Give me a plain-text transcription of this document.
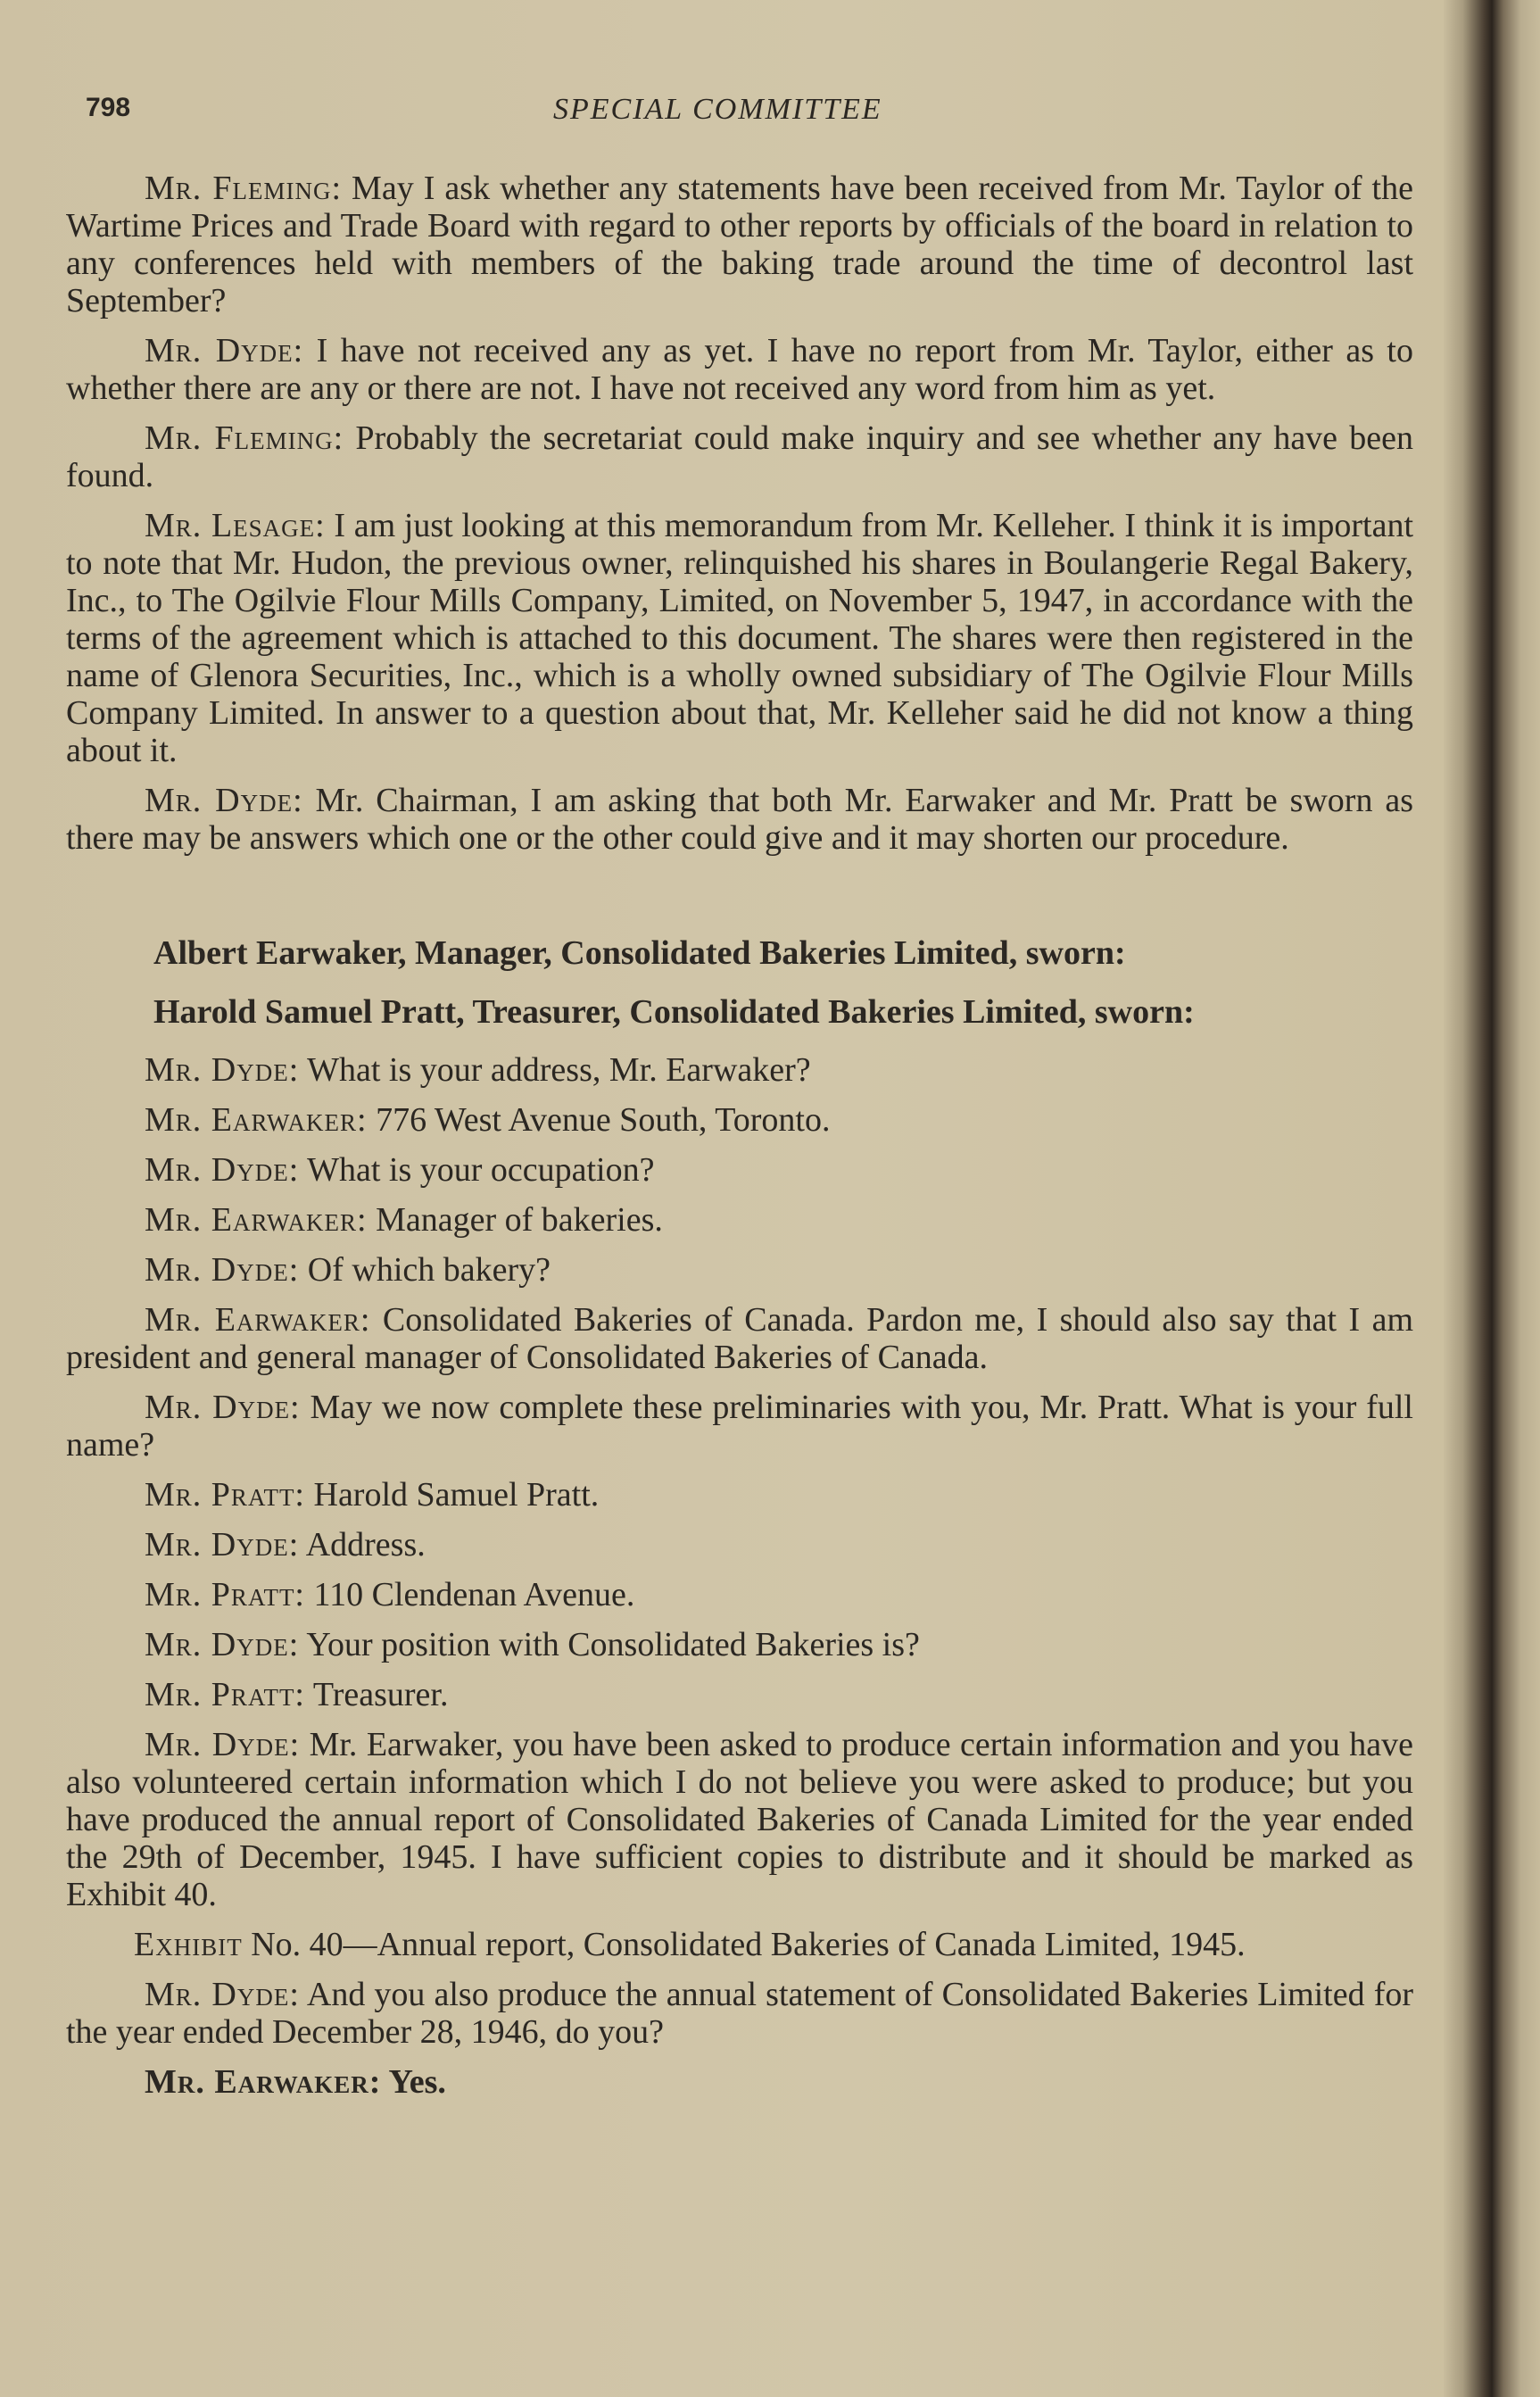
798	SPECIAL COMMITTEE

Mr. Fleming: May I ask whether any statements have been received from Mr. Taylor of the Wartime Prices and Trade Board with regard to other reports by officials of the board in relation to any conferences held with members of the baking trade around the time of decontrol last September?

Mr. Dyde: I have not received any as yet. I have no report from Mr. Taylor, either as to whether there are any or there are not. I have not received any word from him as yet.

Mr. Fleming: Probably the secretariat could make inquiry and see whether any have been found.

Mr. Lesage: I am just looking at this memorandum from Mr. Kelleher. I think it is important to note that Mr. Hudon, the previous owner, relinquished his shares in Boulangerie Regal Bakery, Inc., to The Ogilvie Flour Mills Company, Limited, on November 5, 1947, in accordance with the terms of the agreement which is attached to this document. The shares were then registered in the name of Glenora Securities, Inc., which is a wholly owned subsidiary of The Ogilvie Flour Mills Company Limited. In answer to a question about that, Mr. Kelleher said he did not know a thing about it.

Mr. Dyde: Mr. Chairman, I am asking that both Mr. Earwaker and Mr. Pratt be sworn as there may be answers which one or the other could give and it may shorten our procedure.

Albert Earwaker, Manager, Consolidated Bakeries Limited, sworn:
Harold Samuel Pratt, Treasurer, Consolidated Bakeries Limited, sworn:

Mr. Dyde: What is your address, Mr. Earwaker?

Mr. Earwaker: 776 West Avenue South, Toronto.

Mr. Dyde: What is your occupation?

Mr. Earwaker: Manager of bakeries.

Mr. Dyde: Of which bakery?

Mr. Earwaker: Consolidated Bakeries of Canada. Pardon me, I should also say that I am president and general manager of Consolidated Bakeries of Canada.

Mr. Dyde: May we now complete these preliminaries with you, Mr. Pratt. What is your full name?

Mr. Pratt: Harold Samuel Pratt.

Mr. Dyde: Address.

Mr. Pratt: 110 Clendenan Avenue.

Mr. Dyde: Your position with Consolidated Bakeries is?

Mr. Pratt: Treasurer.

Mr. Dyde: Mr. Earwaker, you have been asked to produce certain information and you have also volunteered certain information which I do not believe you were asked to produce; but you have produced the annual report of Consolidated Bakeries of Canada Limited for the year ended the 29th of December, 1945. I have sufficient copies to distribute and it should be marked as Exhibit 40.

Exhibit No. 40—Annual report, Consolidated Bakeries of Canada Limited, 1945.

Mr. Dyde: And you also produce the annual statement of Consolidated Bakeries Limited for the year ended December 28, 1946, do you?

Mr. Earwaker: Yes.
